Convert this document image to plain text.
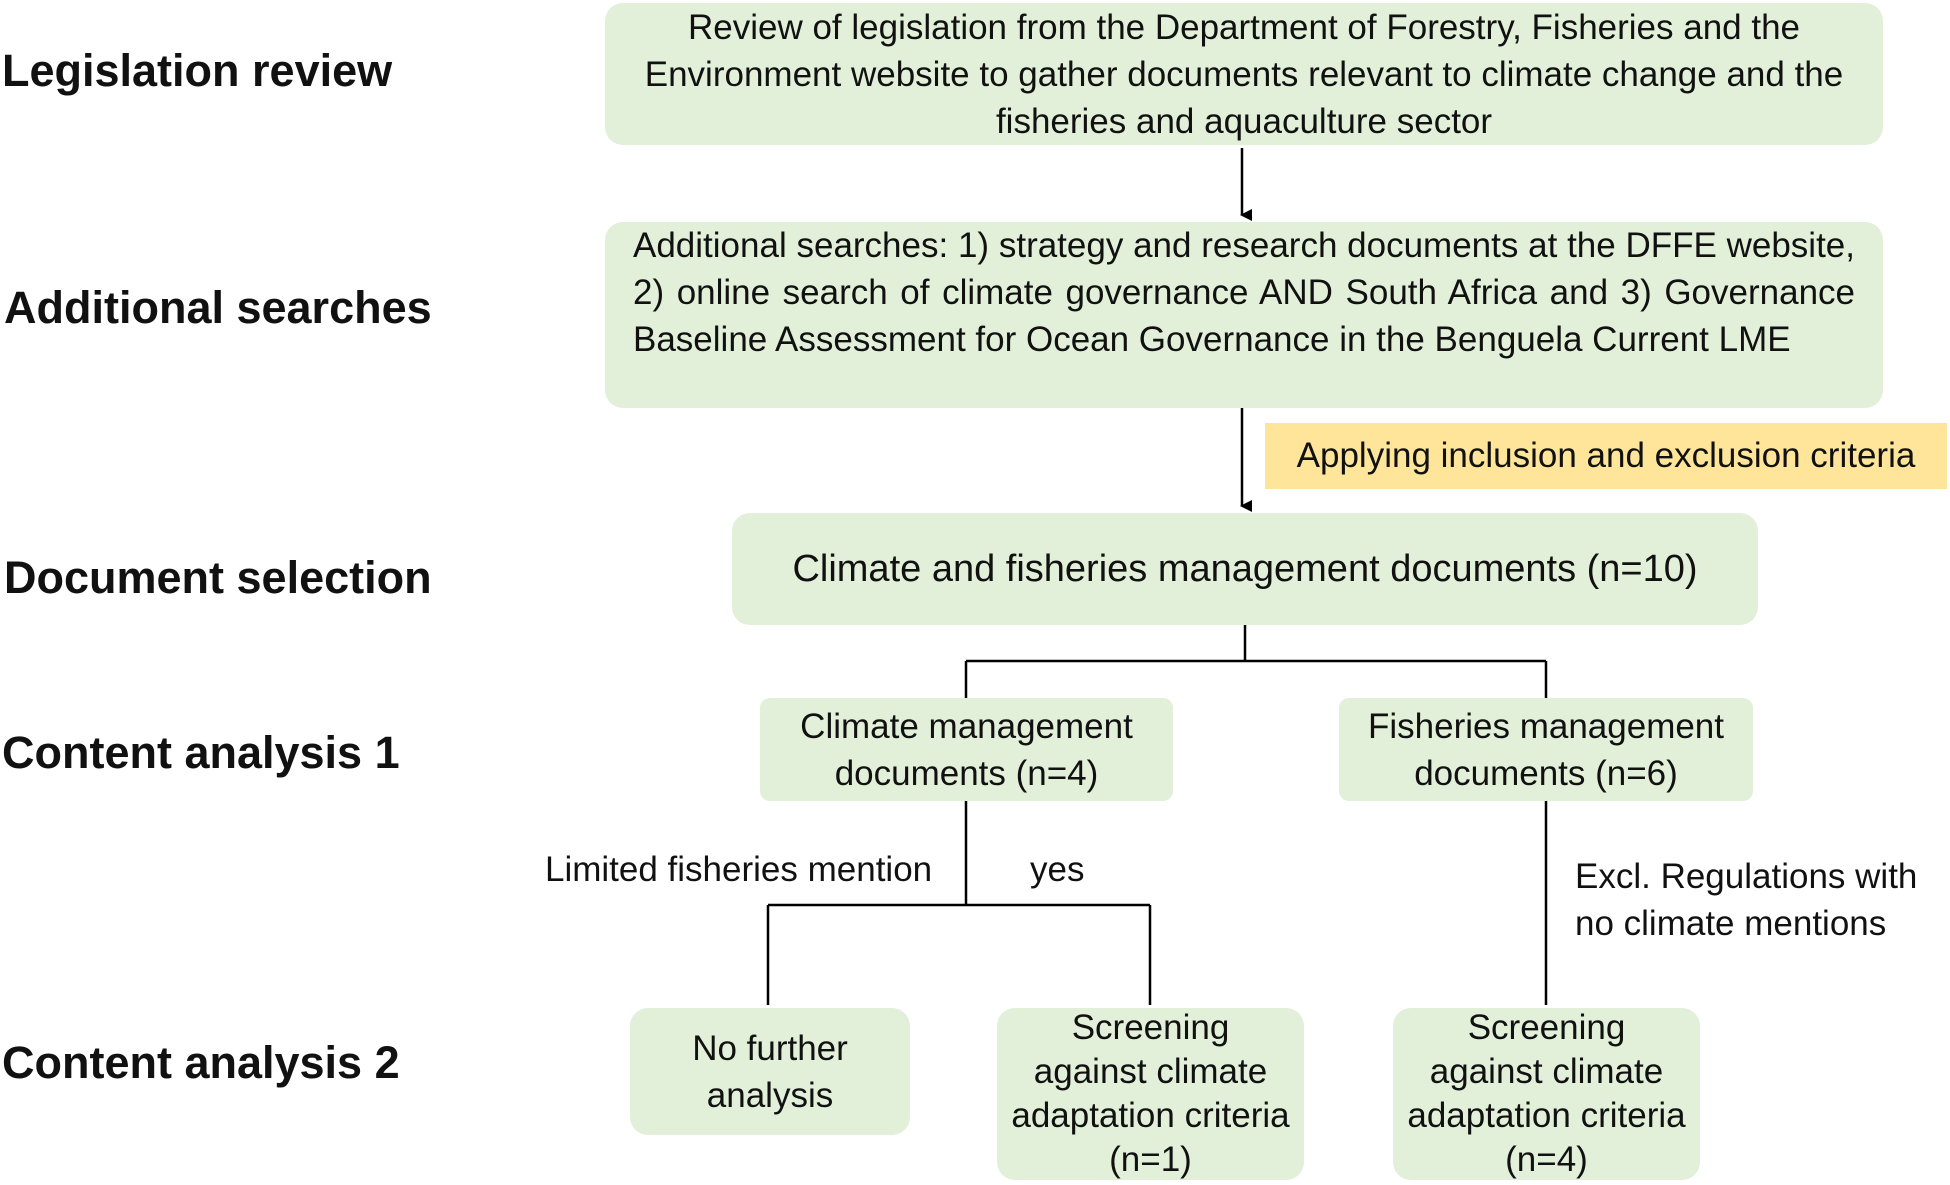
Legislation review
Additional searches
Document selection
Content analysis 1
Content analysis 2
Review of legislation from the Department of Forestry, Fisheries and the Environment website to gather documents relevant to climate change and the fisheries and aquaculture sector
Additional searches: 1) strategy and research documents at the DFFE website, 2) online search of climate governance AND South Africa and 3) Governance Baseline Assessment for Ocean Governance in the Benguela Current LME
Applying inclusion and exclusion criteria
Climate and fisheries management documents (n=10)
Climate management documents (n=4)
Fisheries management documents (n=6)
No further analysis
Screening against climate adaptation criteria (n=1)
Screening against climate adaptation criteria (n=4)
Limited fisheries mention	yes	Excl. Regulations with no climate mentions
